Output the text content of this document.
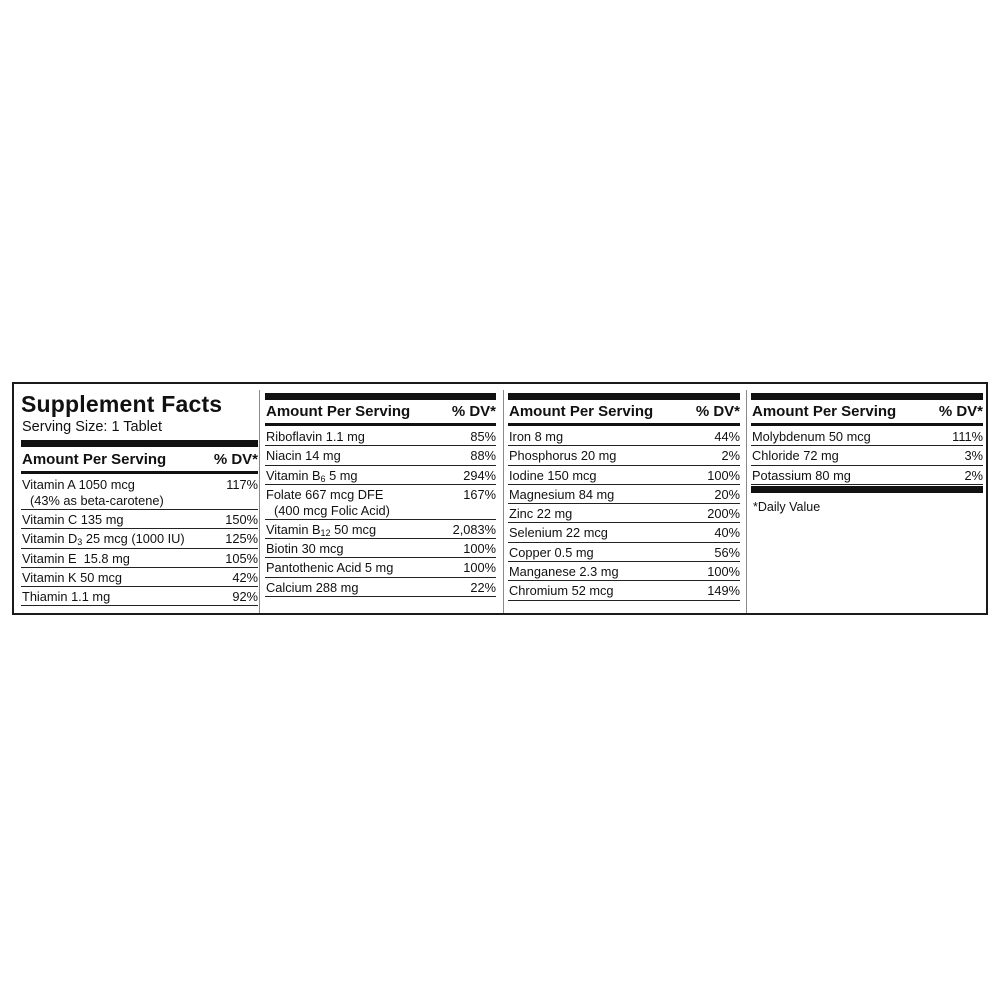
Supplement Facts
Serving Size: 1 Tablet
Amount Per Serving	% DV*
Vitamin A 1050 mcg
(43% as beta-carotene)
117%
Vitamin C 135 mg	150%
Vitamin $D_3$ 25 mcg (1000 IU)	125%
Vitamin E  15.8 mg	105%
Vitamin K 50 mcg	42%
Thiamin 1.1 mg	92%
Amount Per Serving	% DV*
Riboflavin 1.1 mg	85%
Niacin 14 mg	88%
Vitamin $B_6$ 5 mg	294%
Folate 667 mcg DFE
(400 mcg Folic Acid)
167%
Vitamin $B_{12}$ 50 mcg	2,083%
Biotin 30 mcg	100%
Pantothenic Acid 5 mg	100%
Calcium 288 mg	22%
Amount Per Serving	% DV*
Iron 8 mg	44%
Phosphorus 20 mg	2%
Iodine 150 mcg	100%
Magnesium 84 mg	20%
Zinc 22 mg	200%
Selenium 22 mcg	40%
Copper 0.5 mg	56%
Manganese 2.3 mg	100%
Chromium 52 mcg	149%
Amount Per Serving	% DV*
Molybdenum 50 mcg	111%
Chloride 72 mg	3%
Potassium 80 mg	2%
*Daily Value
